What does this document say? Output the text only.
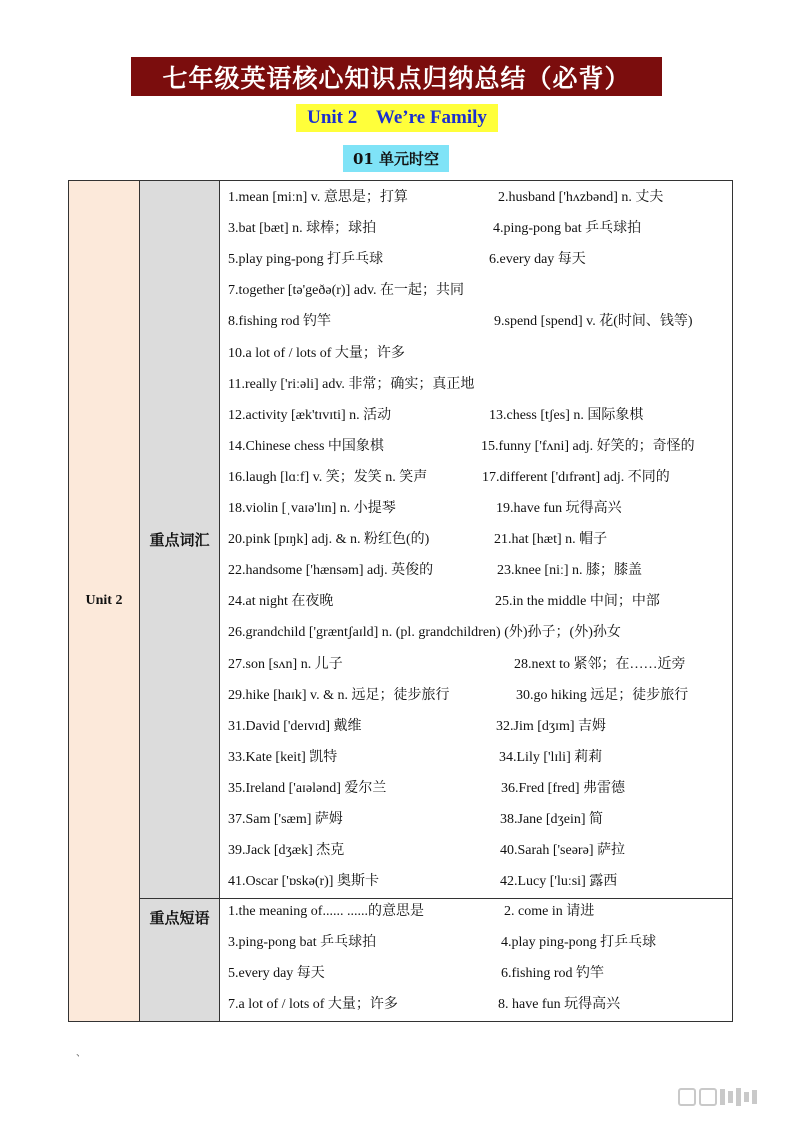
七年级英语核心知识点归纳总结（必背）
Unit 2    We’re Family
01 单元时空
Unit 2
重点词汇
重点短语
1.mean [miːn] v. 意思是；打算	2.husband ['hʌzbənd] n. 丈夫
3.bat [bæt] n. 球棒；球拍	4.ping-pong bat 乒乓球拍
5.play ping-pong 打乒乓球	6.every day 每天
7.together [tə'geðə(r)] adv. 在一起；共同
8.fishing rod 钓竿	9.spend [spend] v. 花(时间、钱等)
10.a lot of / lots of 大量；许多
11.really ['riːəli] adv. 非常；确实；真正地
12.activity [æk'tɪvɪti] n. 活动	13.chess [tʃes] n. 国际象棋
14.Chinese chess 中国象棋	15.funny ['fʌni] adj. 好笑的；奇怪的
16.laugh [lɑːf] v. 笑；发笑 n. 笑声	17.different ['dɪfrənt] adj. 不同的
18.violin [ˌvaɪə'lɪn] n. 小提琴	19.have fun 玩得高兴
20.pink [pɪŋk] adj. & n. 粉红色(的)	21.hat [hæt] n. 帽子
22.handsome ['hænsəm] adj. 英俊的	23.knee [niː] n. 膝；膝盖
24.at night 在夜晚	25.in the middle 中间；中部
26.grandchild ['græntʃaɪld] n. (pl. grandchildren) (外)孙子；(外)孙女
27.son [sʌn] n. 儿子	28.next to 紧邻；在……近旁
29.hike [haɪk] v. & n. 远足；徒步旅行	30.go hiking 远足；徒步旅行
31.David ['deɪvɪd] 戴维	32.Jim [dʒɪm] 吉姆
33.Kate [keit] 凯特	34.Lily ['lɪli] 莉莉
35.Ireland ['aɪələnd] 爱尔兰	36.Fred [fred] 弗雷德
37.Sam ['sæm] 萨姆	38.Jane [dʒein] 简
39.Jack [dʒæk] 杰克	40.Sarah ['seərə] 萨拉
41.Oscar ['ɒskə(r)] 奥斯卡	42.Lucy ['luːsi] 露西
1.the meaning of...... ......的意思是	2. come in 请进
3.ping-pong bat 乒乓球拍	4.play ping-pong 打乒乓球
5.every day 每天	6.fishing rod 钓竿
7.a lot of / lots of 大量；许多	8. have fun 玩得高兴
、
